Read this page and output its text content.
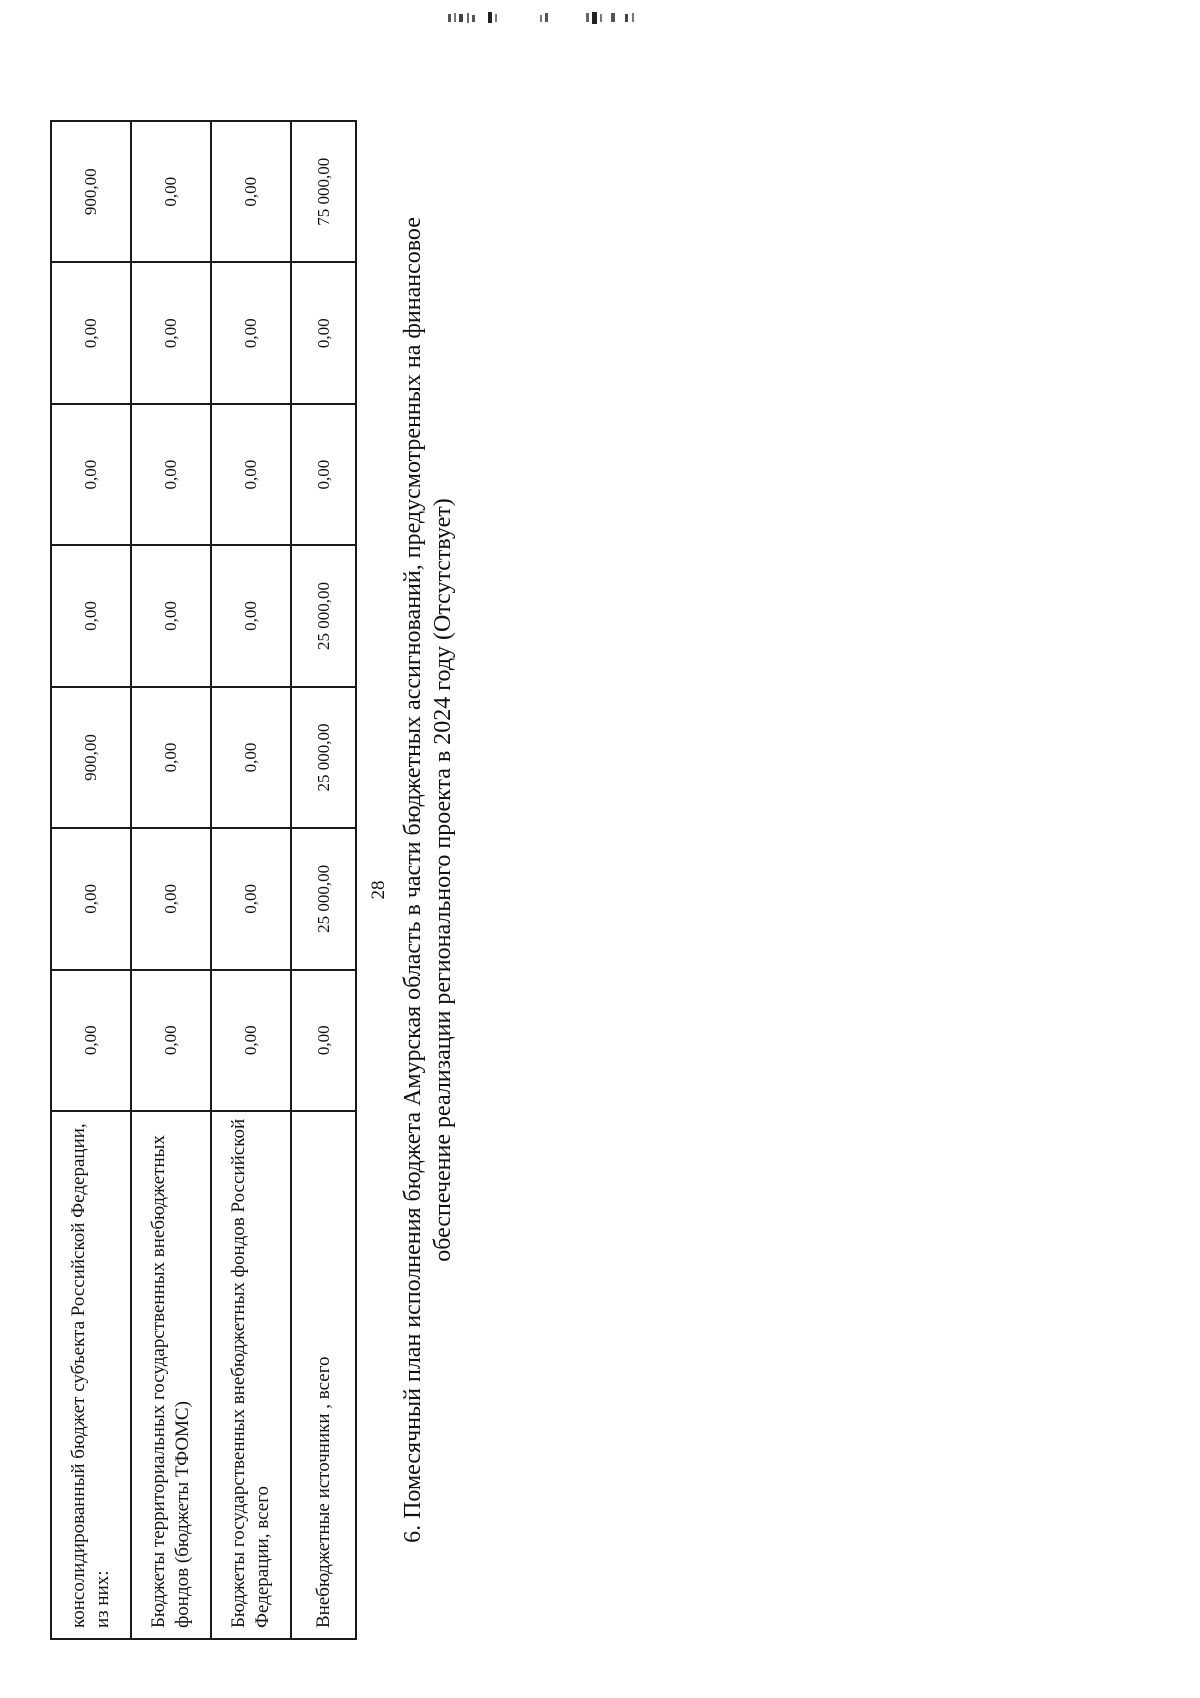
консолидированный бюджет субъекта Российской Федерации, из них:	0,00	0,00	900,00	0,00	0,00	0,00	900,00
Бюджеты территориальных государственных внебюджетных фондов (бюджеты ТФОМС)	0,00	0,00	0,00	0,00	0,00	0,00	0,00
Бюджеты государственных внебюджетных фондов Российской Федерации, всего	0,00	0,00	0,00	0,00	0,00	0,00	0,00
Внебюджетные источники , всего	0,00	25 000,00	25 000,00	25 000,00	0,00	0,00	75 000,00
28 6. Помесячный план исполнения бюджета Амурская область в части бюджетных ассигнований, предусмотренных на финансовое обеспечение реализации регионального проекта в 2024 году (Отсутствует)
